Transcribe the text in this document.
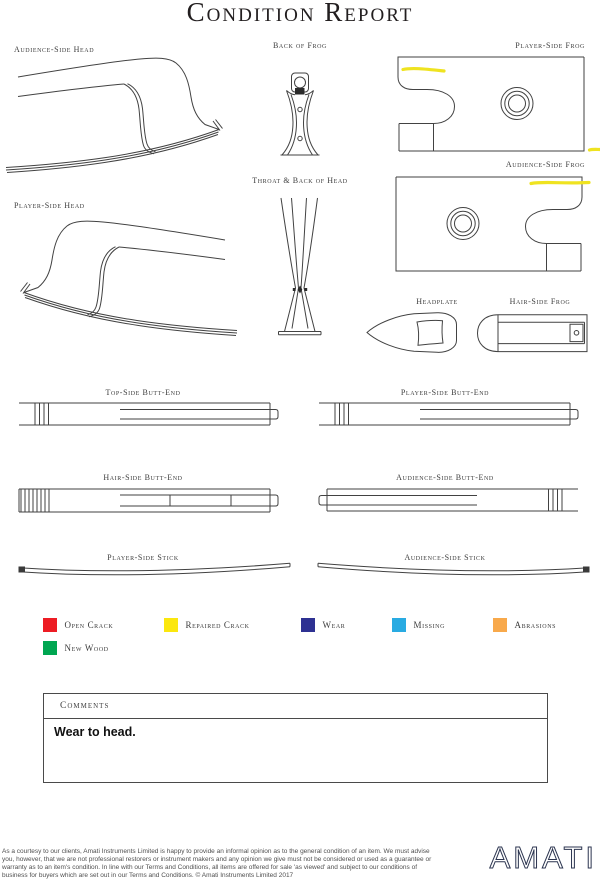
Condition Report
Audience-Side Head	Back of Frog	Player-Side Frog
Audience-Side Frog
Player-Side Head
Throat & Back of Head
Headplate	Hair-Side Frog
Top-Side Butt-End	Player-Side Butt-End
Hair-Side Butt-End	Audience-Side Butt-End
Player-Side Stick	Audience-Side Stick
Open Crack	Repaired Crack	Wear	Missing	Abrasions
New Wood
Comments
Wear to head.
As a courtesy to our clients, Amati Instruments Limited is happy to provide an informal opinion as to the general condition of an item. We must advise you, however, that we are not professional restorers or instrument makers and any opinion we give must not be considered or used as a guarantee or warranty as to an item's condition. In line with our Terms and Conditions, all items are offered for sale 'as viewed' and subject to our conditions of business for buyers which are set out in our Terms and Conditions. © Amati Instruments Limited 2017
AMATI
